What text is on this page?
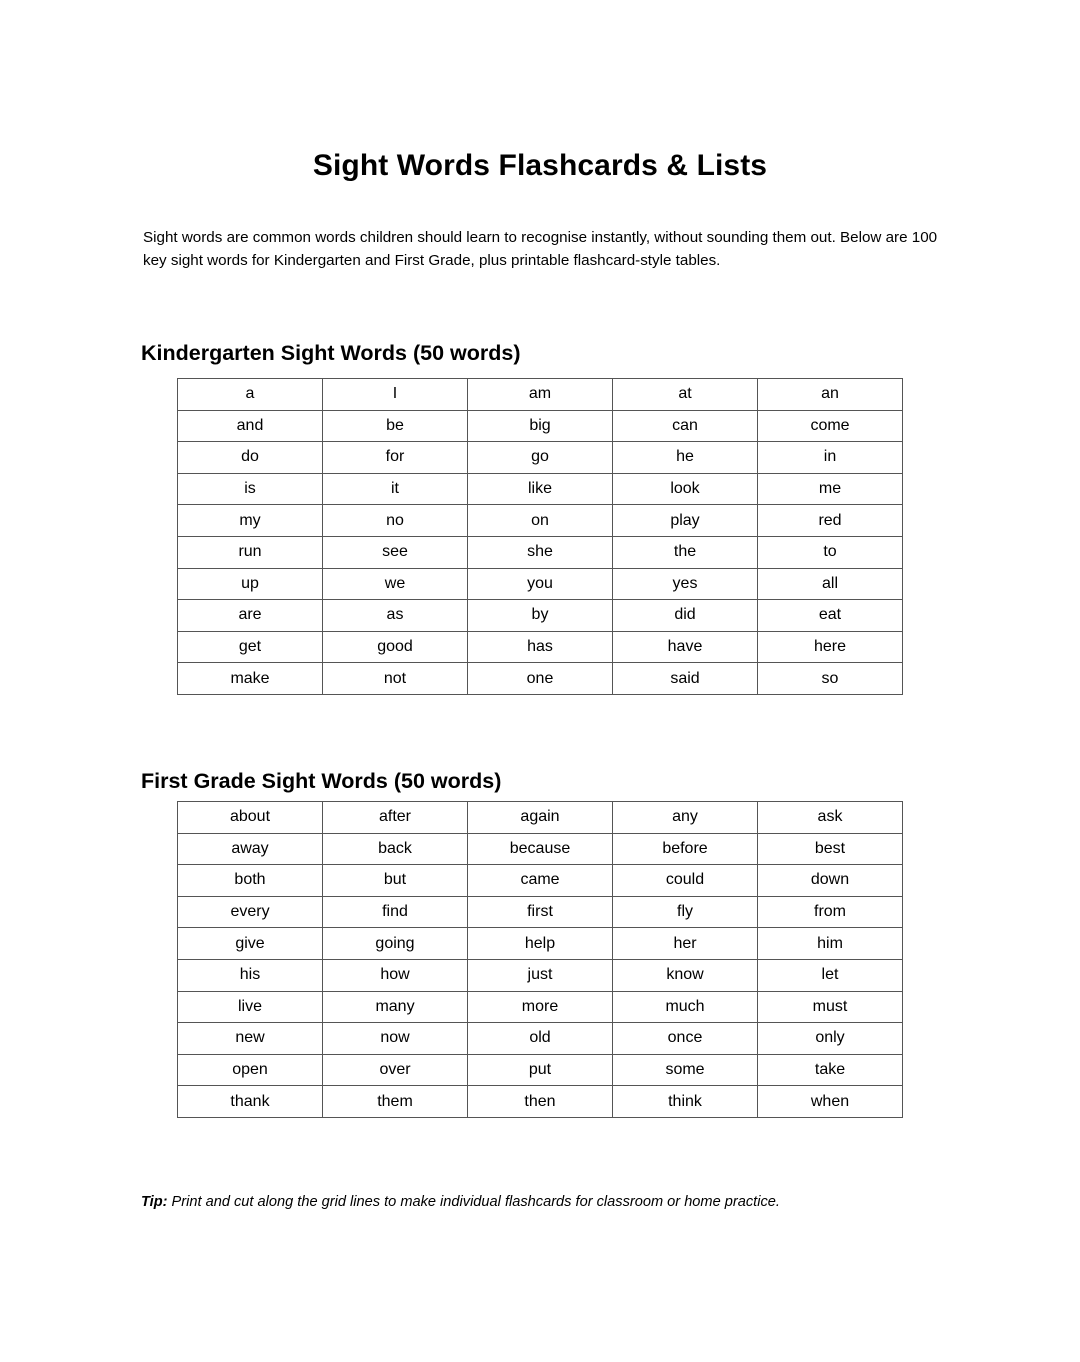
Sight Words Flashcards & Lists

Sight words are common words children should learn to recognise instantly, without sounding them out. Below are 100 key sight words for Kindergarten and First Grade, plus printable flashcard-style tables.

Kindergarten Sight Words (50 words)
a	I	am	at	an
and	be	big	can	come
do	for	go	he	in
is	it	like	look	me
my	no	on	play	red
run	see	she	the	to
up	we	you	yes	all
are	as	by	did	eat
get	good	has	have	here
make	not	one	said	so
First Grade Sight Words (50 words)
about	after	again	any	ask
away	back	because	before	best
both	but	came	could	down
every	find	first	fly	from
give	going	help	her	him
his	how	just	know	let
live	many	more	much	must
new	now	old	once	only
open	over	put	some	take
thank	them	then	think	when

Tip: Print and cut along the grid lines to make individual flashcards for classroom or home practice.
